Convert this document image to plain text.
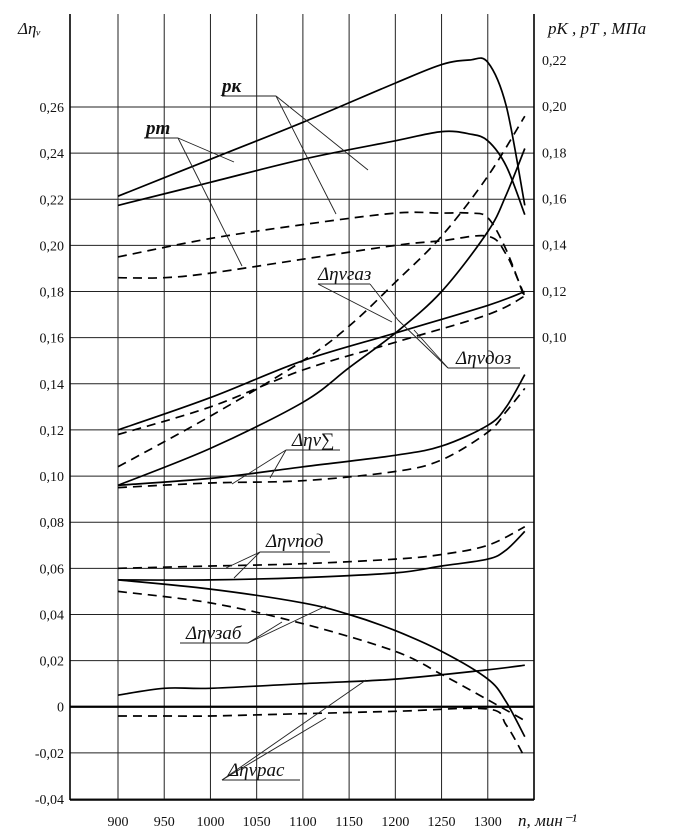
-0,04
-0,02
0
0,02
0,04
0,06
0,08
0,10
0,12
0,14
0,16
0,18
0,20
0,22
0,24
0,26
0,10
0,12
0,14
0,16
0,18
0,20
0,22
900 950 1000 1050 1100 1150 1200 1250 1300
Δηᵥ	pК , pТ , МПа
n, мин⁻¹
pк
pт
Δηvгаз
Δηvдоз
Δηv∑
Δηvпод
Δηvзаб
Δηvрас
